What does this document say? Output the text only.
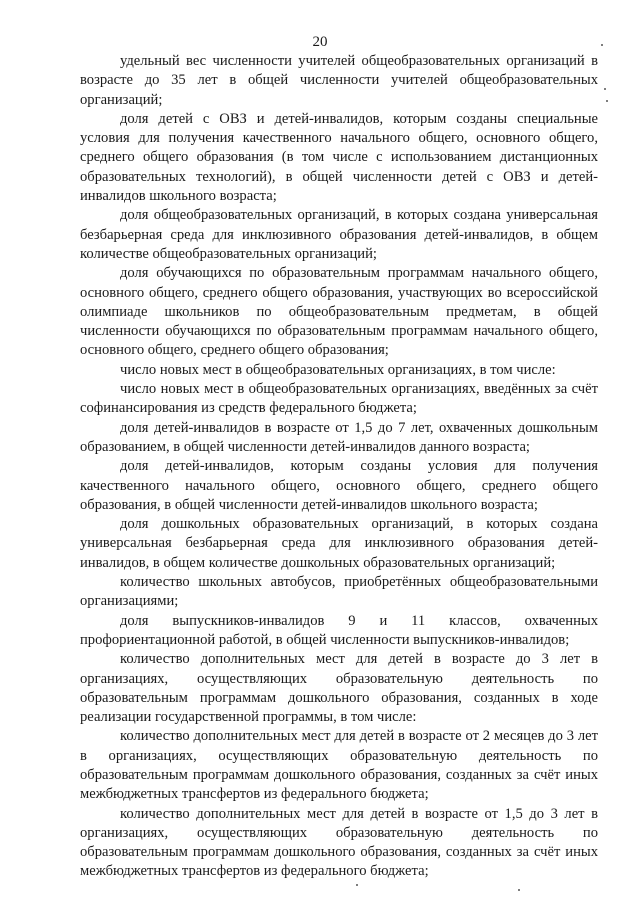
20

удельный вес численности учителей общеобразовательных организаций в возрасте до 35 лет в общей численности учителей общеобразовательных организаций;

доля детей с ОВЗ и детей-инвалидов, которым созданы специальные условия для получения качественного начального общего, основного общего, среднего общего образования (в том числе с использованием дистанционных образовательных технологий), в общей численности детей с ОВЗ и детей-инвалидов школьного возраста;

доля общеобразовательных организаций, в которых создана универсальная безбарьерная среда для инклюзивного образования детей-инвалидов, в общем количестве общеобразовательных организаций;

доля обучающихся по образовательным программам начального общего, основного общего, среднего общего образования, участвующих во всероссийской олимпиаде школьников по общеобразовательным предметам, в общей численности обучающихся по образовательным программам начального общего, основного общего, среднего общего образования;

число новых мест в общеобразовательных организациях, в том числе:

число новых мест в общеобразовательных организациях, введённых за счёт софинансирования из средств федерального бюджета;

доля детей-инвалидов в возрасте от 1,5 до 7 лет, охваченных дошкольным образованием, в общей численности детей-инвалидов данного возраста;

доля детей-инвалидов, которым созданы условия для получения качественного начального общего, основного общего, среднего общего образования, в общей численности детей-инвалидов школьного возраста;

доля дошкольных образовательных организаций, в которых создана универсальная безбарьерная среда для инклюзивного образования детей-инвалидов, в общем количестве дошкольных образовательных организаций;

количество школьных автобусов, приобретённых общеобразовательными организациями;

доля выпускников-инвалидов 9 и 11 классов, охваченных профориентационной работой, в общей численности выпускников-инвалидов;

количество дополнительных мест для детей в возрасте до 3 лет в организациях, осуществляющих образовательную деятельность по образовательным программам дошкольного образования, созданных в ходе реализации государственной программы, в том числе:

количество дополнительных мест для детей в возрасте от 2 месяцев до 3 лет в организациях, осуществляющих образовательную деятельность по образовательным программам дошкольного образования, созданных за счёт иных межбюджетных трансфертов из федерального бюджета;

количество дополнительных мест для детей в возрасте от 1,5 до 3 лет в организациях, осуществляющих образовательную деятельность по образовательным программам дошкольного образования, созданных за счёт иных межбюджетных трансфертов из федерального бюджета;
